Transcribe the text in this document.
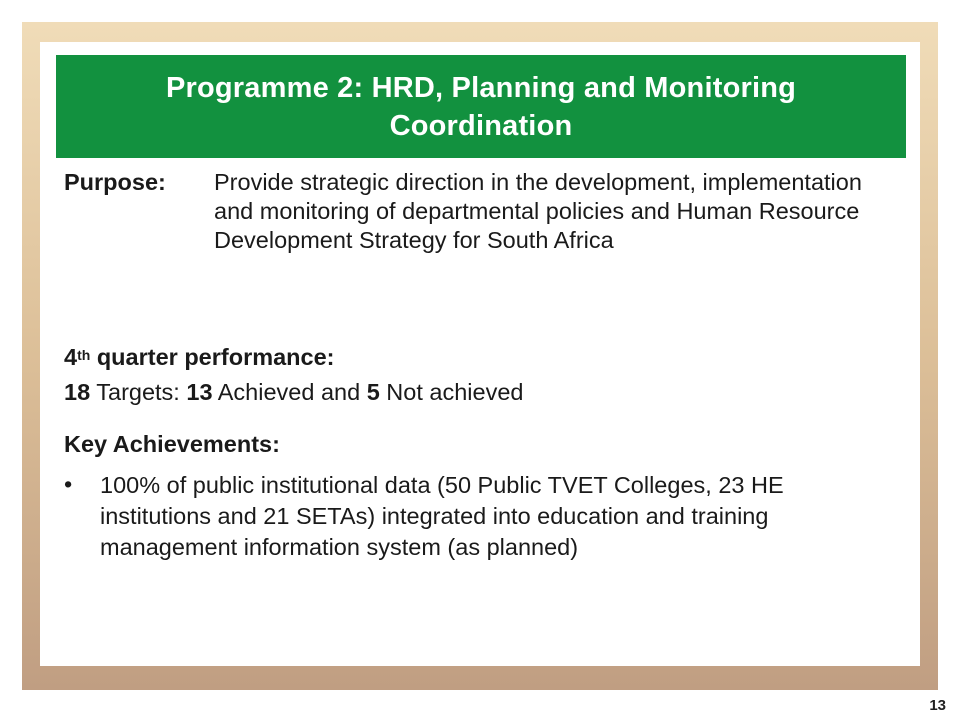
Programme 2: HRD, Planning and Monitoring Coordination
Purpose: Provide strategic direction in the development, implementation and monitoring of departmental policies and Human Resource Development Strategy for South Africa
4th quarter performance:
18 Targets: 13 Achieved and 5 Not achieved
Key Achievements:
• 100% of public institutional data (50 Public TVET Colleges, 23 HE institutions and 21 SETAs) integrated into education and training management information system (as planned)
13
